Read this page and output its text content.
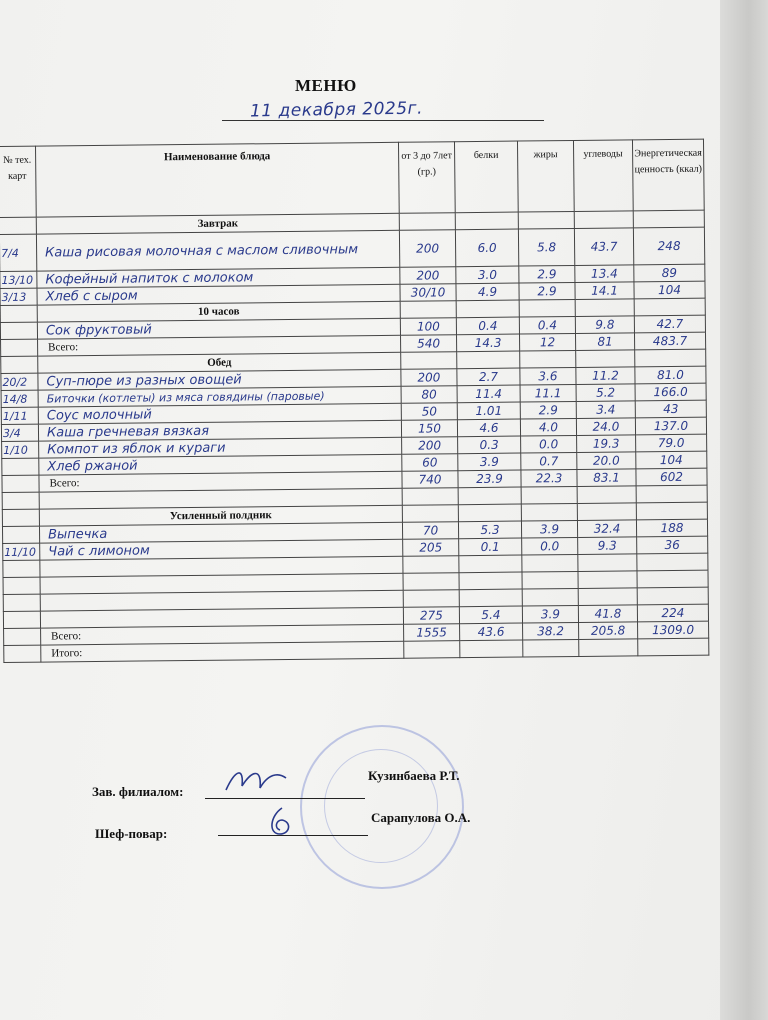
МЕНЮ
11 декабря 2025г.
№ тех. карт	Наименование блюда	от 3 до 7лет (гр.)	белки	жиры	углеводы	Энергетическая ценность (ккал)
	Завтрак					
7/4	Каша рисовая молочная с маслом сливочным	200	6.0	5.8	43.7	248
13/10	Кофейный напиток с молоком	200	3.0	2.9	13.4	89
3/13	Хлеб с сыром	30/10	4.9	2.9	14.1	104
	10 часов					
	Сок фруктовый	100	0.4	0.4	9.8	42.7
	Всего:	540	14.3	12	81	483.7
	Обед					
20/2	Суп-пюре из разных овощей	200	2.7	3.6	11.2	81.0
14/8	Биточки (котлеты) из мяса говядины (паровые)	80	11.4	11.1	5.2	166.0
1/11	Соус молочный	50	1.01	2.9	3.4	43
3/4	Каша гречневая вязкая	150	4.6	4.0	24.0	137.0
1/10	Компот из яблок и кураги	200	0.3	0.0	19.3	79.0
	Хлеб ржаной	60	3.9	0.7	20.0	104
	Всего:	740	23.9	22.3	83.1	602

	Усиленный полдник					
	Выпечка	70	5.3	3.9	32.4	188
11/10	Чай с лимоном	205	0.1	0.0	9.3	36

		275	5.4	3.9	41.8	224
	Всего:	1555	43.6	38.2	205.8	1309.0
	Итого:					
Зав. филиалом:
Кузинбаева Р.Т.
Шеф-повар:
Сарапулова О.А.
